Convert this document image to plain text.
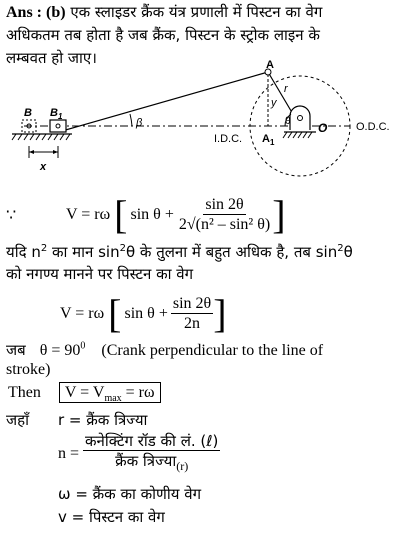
Ans : (b) एक स्लाइडर क्रैंक यंत्र प्रणाली में पिस्टन का वेग
अधिकतम तब होता है जब क्रैंक, पिस्टन के स्ट्रोक लाइन के
लम्बवत हो जाए।	A
r
y
θ O
$A_1$
β
B $B_1$
x
I.D.C.
O.D.C.
∵	V = rω [ $\sin \theta + \frac{\sin 2\theta}{\text{2√(n² – sin² θ)}}$ ]
यदि $n^2$ का मान $\sin^2\theta$ के तुलना में बहुत अधिक है, तब $\sin^2\theta$
को नगण्य मानने पर पिस्टन का वेग
V = rω [ $\sin \theta + \frac{\sin 2\theta}{2n}$ ]
जब $\theta = 90^0$ (Crank perpendicular to the line of
stroke)
Then $V = V_{max} = r\omega$
जहाँ r = क्रैंक त्रिज्या
$n = \frac{\text{कनेक्टिंग रॉड की लं. (ℓ)}}{क्रैंक त्रिज्या_{(r)}}$
ω = क्रैंक का कोणीय वेग
v = पिस्टन का वेग
